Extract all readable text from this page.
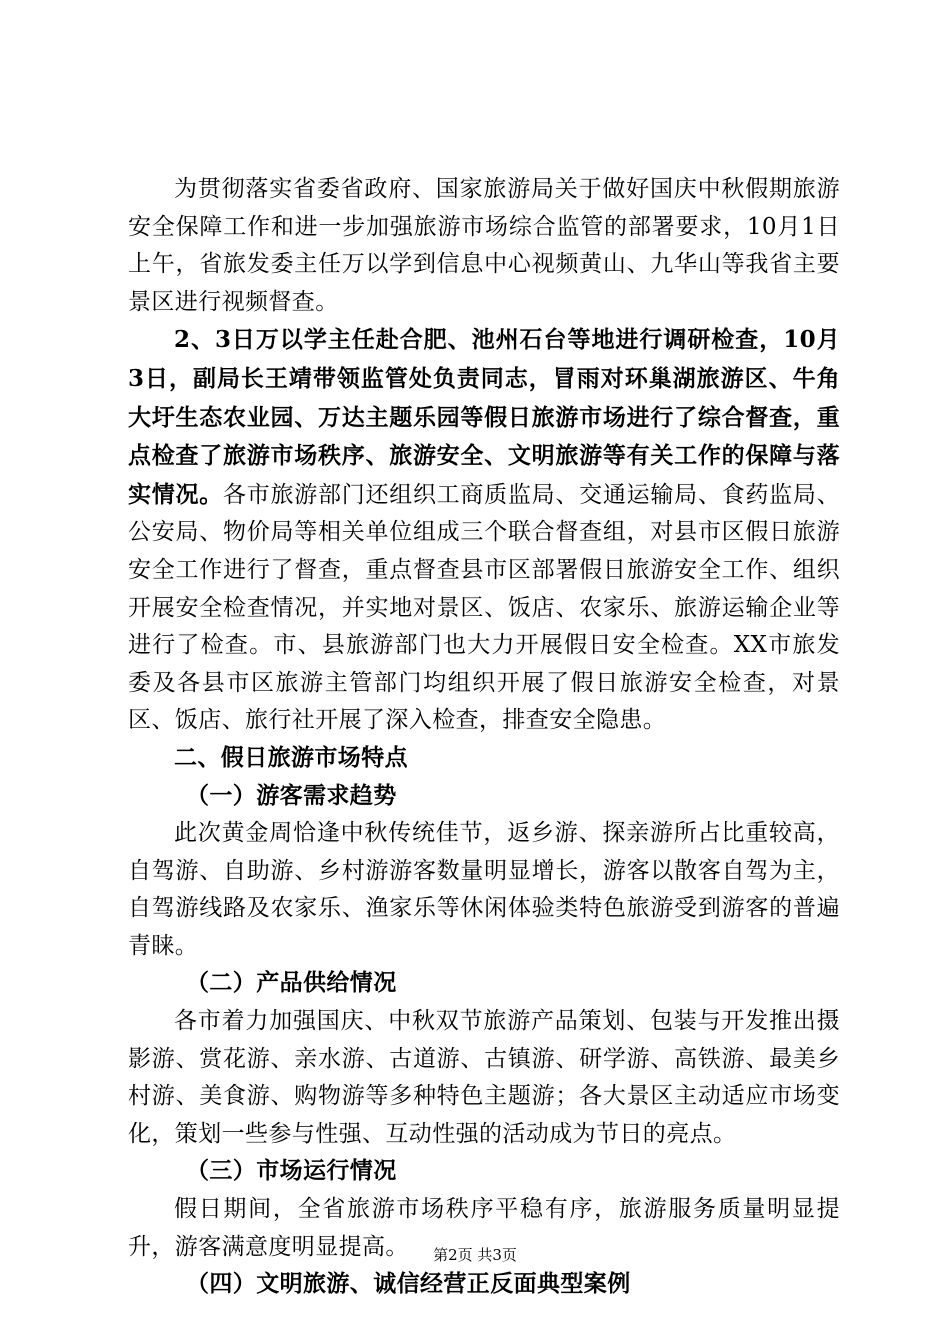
为贯彻落实省委省政府、国家旅游局关于做好国庆中秋假期旅游安全保障工作和进一步加强旅游市场综合监管的部署要求，10月1日上午，省旅发委主任万以学到信息中心视频黄山、九华山等我省主要景区进行视频督查。

2、3日万以学主任赴合肥、池州石台等地进行调研检查，10月3日，副局长王靖带领监管处负责同志，冒雨对环巢湖旅游区、牛角大圩生态农业园、万达主题乐园等假日旅游市场进行了综合督查，重点检查了旅游市场秩序、旅游安全、文明旅游等有关工作的保障与落实情况。各市旅游部门还组织工商质监局、交通运输局、食药监局、公安局、物价局等相关单位组成三个联合督查组，对县市区假日旅游安全工作进行了督查，重点督查县市区部署假日旅游安全工作、组织开展安全检查情况，并实地对景区、饭店、农家乐、旅游运输企业等进行了检查。市、县旅游部门也大力开展假日安全检查。XX市旅发委及各县市区旅游主管部门均组织开展了假日旅游安全检查，对景区、饭店、旅行社开展了深入检查，排查安全隐患。

二、假日旅游市场特点

（一）游客需求趋势

此次黄金周恰逢中秋传统佳节，返乡游、探亲游所占比重较高，自驾游、自助游、乡村游游客数量明显增长，游客以散客自驾为主，自驾游线路及农家乐、渔家乐等休闲体验类特色旅游受到游客的普遍青睐。

（二）产品供给情况

各市着力加强国庆、中秋双节旅游产品策划、包装与开发推出摄影游、赏花游、亲水游、古道游、古镇游、研学游、高铁游、最美乡村游、美食游、购物游等多种特色主题游；各大景区主动适应市场变化，策划一些参与性强、互动性强的活动成为节日的亮点。

（三）市场运行情况

假日期间，全省旅游市场秩序平稳有序，旅游服务质量明显提升，游客满意度明显提高。

（四）文明旅游、诚信经营正反面典型案例

第2页 共3页
